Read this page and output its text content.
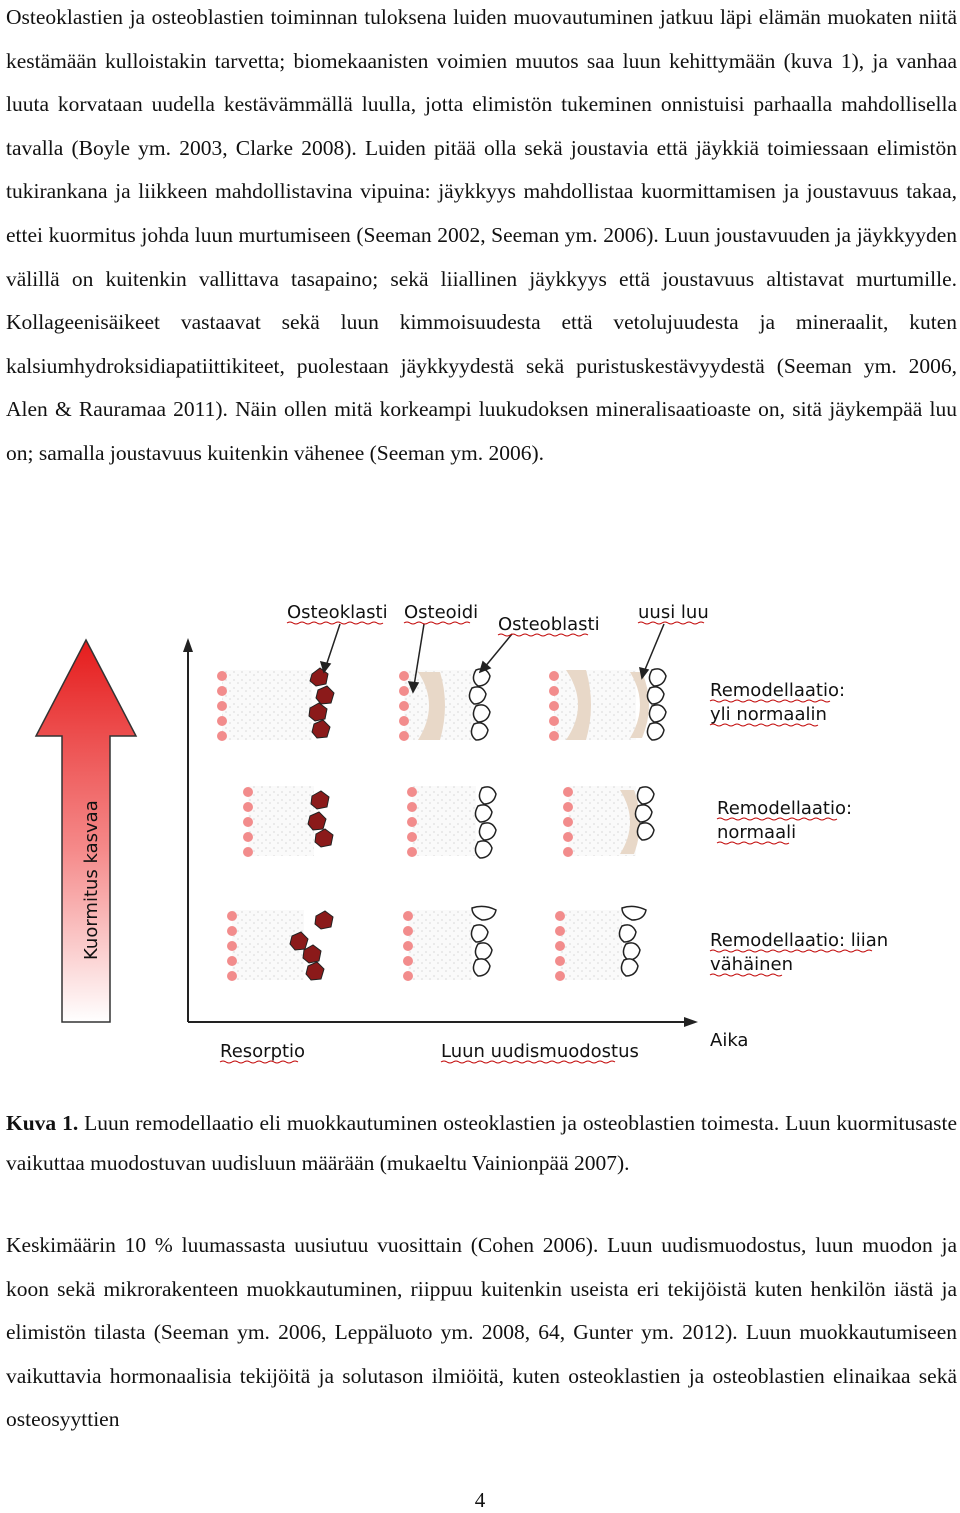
Osteoklastien ja osteoblastien toiminnan tuloksena luiden muovautuminen jatkuu läpi elämän muokaten niitä kestämään kulloistakin tarvetta; biomekaanisten voimien muutos saa luun kehittymään (kuva 1), ja vanhaa luuta korvataan uudella kestävämmällä luulla, jotta elimistön tukeminen onnistuisi parhaalla mahdollisella tavalla (Boyle ym. 2003, Clarke 2008). Luiden pitää olla sekä joustavia että jäykkiä toimiessaan elimistön tukirankana ja liikkeen mahdollistavina vipuina: jäykkyys mahdollistaa kuormittamisen ja joustavuus takaa, ettei kuormitus johda luun murtumiseen (Seeman 2002, Seeman ym. 2006). Luun joustavuuden ja jäykkyyden välillä on kuitenkin vallittava tasapaino; sekä liiallinen jäykkyys että joustavuus altistavat murtumille. Kollageenisäikeet vastaavat sekä luun kimmoisuudesta että vetolujuudesta ja mineraalit, kuten kalsiumhydroksidiapatiittikiteet, puolestaan jäykkyydestä sekä puristuskestävyydestä (Seeman ym. 2006, Alen & Rauramaa 2011). Näin ollen mitä korkeampi luukudoksen mineralisaatioaste on, sitä jäykempää luu on; samalla joustavuus kuitenkin vähenee (Seeman ym. 2006).

Kuormitus kasvaa
Osteoklasti Osteoidi
Osteoblasti
uusi luu
Remodellaatio:
yli normaalin
Remodellaatio:
normaali
Remodellaatio: liian
vähäinen
Aika
Resorptio	Luun uudismuodostus

Kuva 1. Luun remodellaatio eli muokkautuminen osteoklastien ja osteoblastien toimesta. Luun kuormitusaste vaikuttaa muodostuvan uudisluun määrään (mukaeltu Vainionpää 2007).

Keskimäärin 10 % luumassasta uusiutuu vuosittain (Cohen 2006). Luun uudismuodostus, luun muodon ja koon sekä mikrorakenteen muokkautuminen, riippuu kuitenkin useista eri tekijöistä kuten henkilön iästä ja elimistön tilasta (Seeman ym. 2006, Leppäluoto ym. 2008, 64, Gunter ym. 2012). Luun muokkautumiseen vaikuttavia hormonaalisia tekijöitä ja solutason ilmiöitä, kuten osteoklastien ja osteoblastien elinaikaa sekä osteosyyttien

4
